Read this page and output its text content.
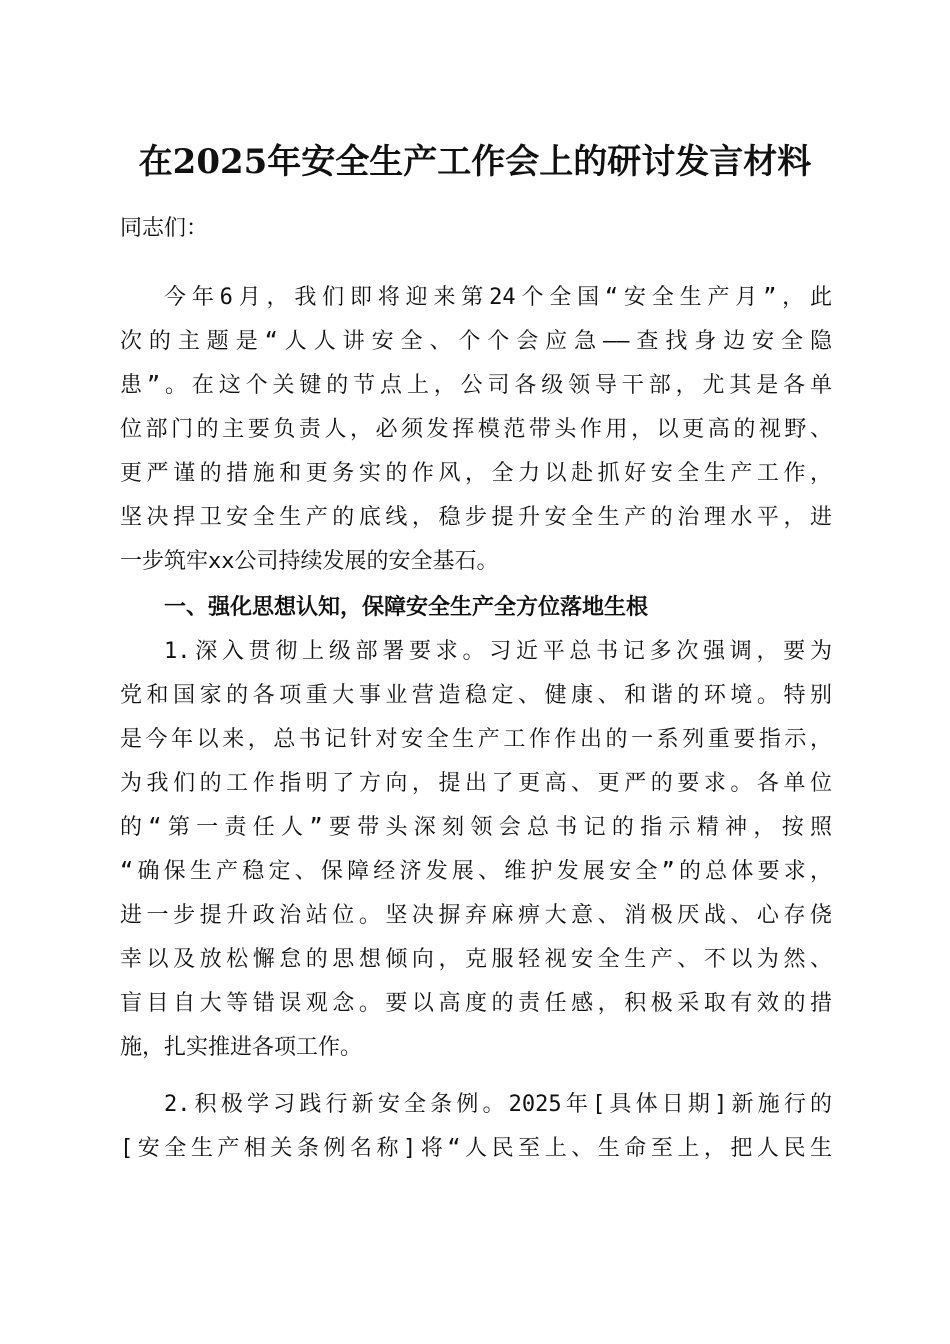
在2025年安全生产工作会上的研讨发言材料
同志们：
今年6月，我们即将迎来第24个全国“安全生产月”，此
次的主题是“人人讲安全、个个会应急——查找身边安全隐
患”。在这个关键的节点上，公司各级领导干部，尤其是各单
位部门的主要负责人，必须发挥模范带头作用，以更高的视野、
更严谨的措施和更务实的作风，全力以赴抓好安全生产工作，
坚决捍卫安全生产的底线，稳步提升安全生产的治理水平，进
一步筑牢xx公司持续发展的安全基石。
一、强化思想认知，保障安全生产全方位落地生根
1.深入贯彻上级部署要求。习近平总书记多次强调，要为
党和国家的各项重大事业营造稳定、健康、和谐的环境。特别
是今年以来，总书记针对安全生产工作作出的一系列重要指示，
为我们的工作指明了方向，提出了更高、更严的要求。各单位
的“第一责任人”要带头深刻领会总书记的指示精神，按照
“确保生产稳定、保障经济发展、维护发展安全”的总体要求，
进一步提升政治站位。坚决摒弃麻痹大意、消极厌战、心存侥
幸以及放松懈怠的思想倾向，克服轻视安全生产、不以为然、
盲目自大等错误观念。要以高度的责任感，积极采取有效的措
施，扎实推进各项工作。
2.积极学习践行新安全条例。2025年[具体日期]新施行的
[安全生产相关条例名称]将“人民至上、生命至上，把人民生
